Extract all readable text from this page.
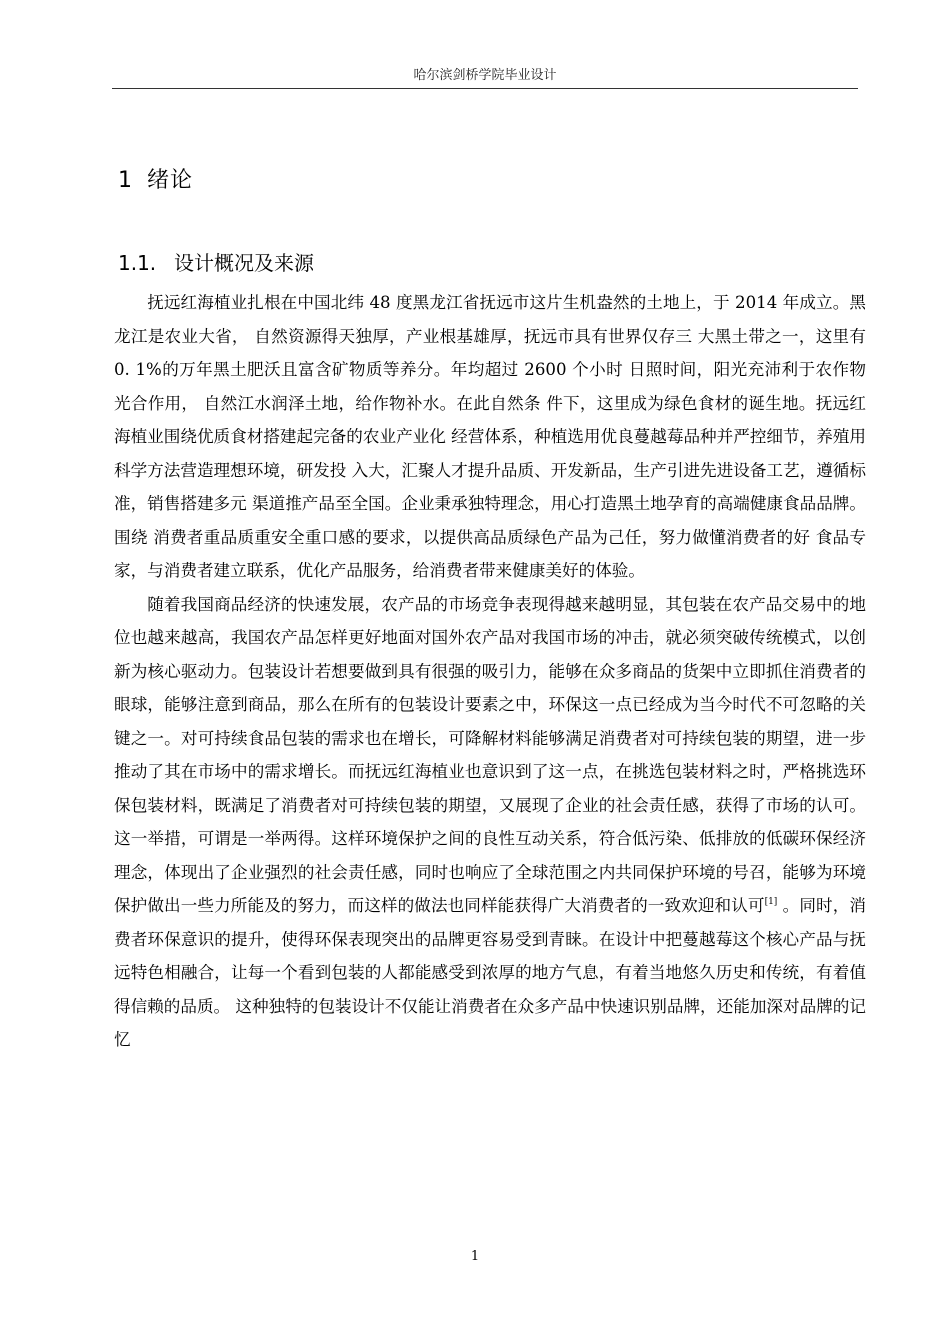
哈尔滨剑桥学院毕业设计
1 绪论
1.1. 设计概况及来源

抚远红海植业扎根在中国北纬 48 度黑龙江省抚远市这片生机盎然的土地上，于 2014 年成立。黑龙江是农业大省， 自然资源得天独厚，产业根基雄厚，抚远市具有世界仅存三 大黑土带之一，这里有 0. 1%的万年黑土肥沃且富含矿物质等养分。年均超过 2600 个小时 日照时间，阳光充沛利于农作物光合作用， 自然江水润泽土地，给作物补水。在此自然条 件下，这里成为绿色食材的诞生地。抚远红海植业围绕优质食材搭建起完备的农业产业化 经营体系，种植选用优良蔓越莓品种并严控细节，养殖用科学方法营造理想环境，研发投 入大，汇聚人才提升品质、开发新品，生产引进先进设备工艺，遵循标准，销售搭建多元 渠道推产品至全国。企业秉承独特理念，用心打造黑土地孕育的高端健康食品品牌。围绕 消费者重品质重安全重口感的要求，以提供高品质绿色产品为己任，努力做懂消费者的好 食品专家，与消费者建立联系，优化产品服务，给消费者带来健康美好的体验。

随着我国商品经济的快速发展，农产品的市场竞争表现得越来越明显，其包装在农产品交易中的地位也越来越高，我国农产品怎样更好地面对国外农产品对我国市场的冲击，就必须突破传统模式，以创新为核心驱动力。包装设计若想要做到具有很强的吸引力，能够在众多商品的货架中立即抓住消费者的眼球，能够注意到商品，那么在所有的包装设计要素之中，环保这一点已经成为当今时代不可忽略的关键之一。对可持续食品包装的需求也在增长，可降解材料能够满足消费者对可持续包装的期望，进一步推动了其在市场中的需求增长。而抚远红海植业也意识到了这一点，在挑选包装材料之时，严格挑选环保包装材料，既满足了消费者对可持续包装的期望，又展现了企业的社会责任感，获得了市场的认可。这一举措，可谓是一举两得。这样环境保护之间的良性互动关系，符合低污染、低排放的低碳环保经济理念，体现出了企业强烈的社会责任感，同时也响应了全球范围之内共同保护环境的号召，能够为环境保护做出一些力所能及的努力，而这样的做法也同样能获得广大消费者的一致欢迎和认可[1] 。同时，消费者环保意识的提升，使得环保表现突出的品牌更容易受到青睐。在设计中把蔓越莓这个核心产品与抚远特色相融合，让每一个看到包装的人都能感受到浓厚的地方气息，有着当地悠久历史和传统，有着值得信赖的品质。 这种独特的包装设计不仅能让消费者在众多产品中快速识别品牌，还能加深对品牌的记忆

1
